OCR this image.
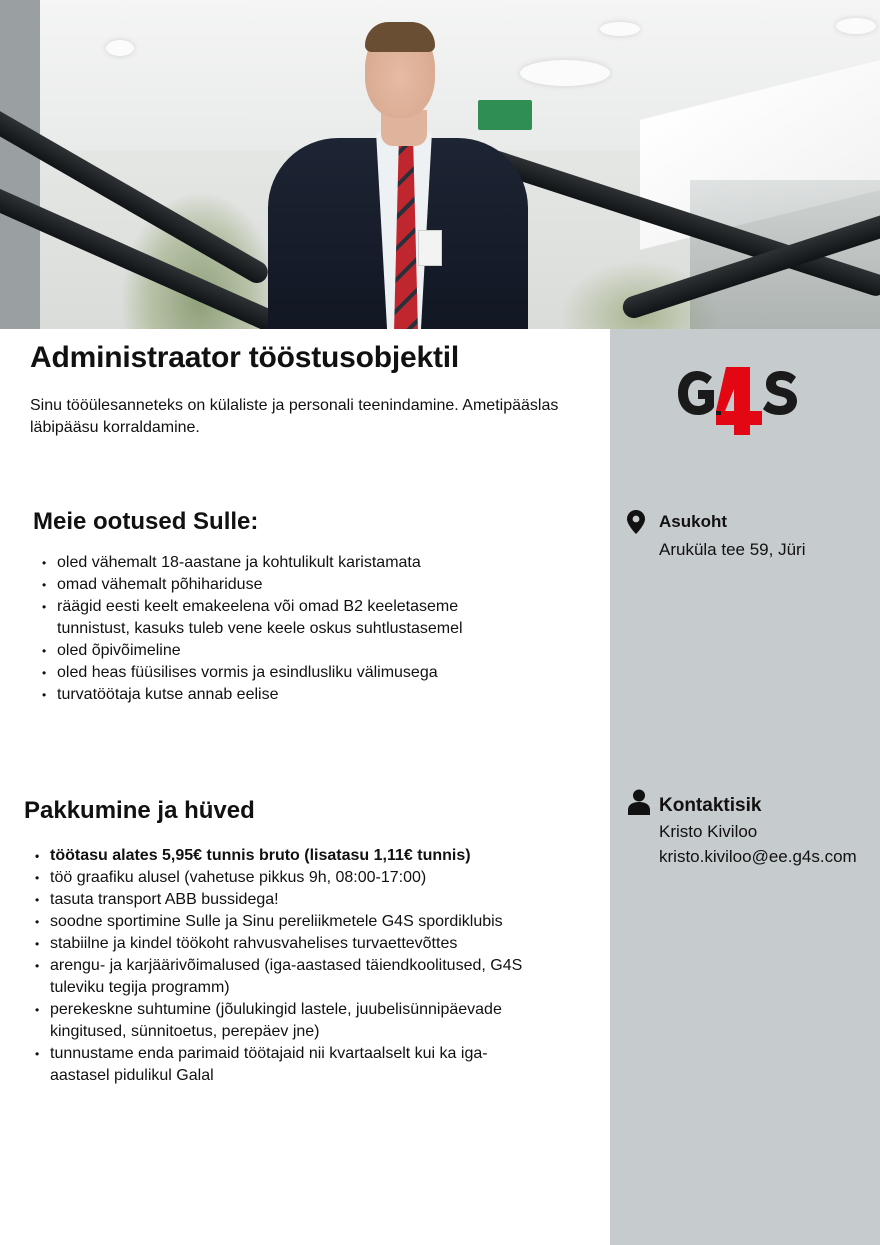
Administraator tööstusobjektil

Sinu tööülesanneteks on külaliste ja personali teenindamine. Ametipääslas läbipääsu korraldamine.

Meie ootused Sulle:
• oled vähemalt 18-aastane ja kohtulikult karistamata
• omad vähemalt põhihariduse
• räägid eesti keelt emakeelena või omad B2 keeletaseme tunnistust, kasuks tuleb vene keele oskus suhtlustasemel
• oled õpivõimeline
• oled heas füüsilises vormis ja esindlusliku välimusega
• turvatöötaja kutse annab eelise
Pakkumine ja hüved
• töötasu alates 5,95€ tunnis bruto (lisatasu 1,11€ tunnis)
• töö graafiku alusel (vahetuse pikkus 9h, 08:00-17:00)
• tasuta transport ABB bussidega!
• soodne sportimine Sulle ja Sinu pereliikmetele G4S spordiklubis
• stabiilne ja kindel töökoht rahvusvahelises turvaettevõttes
• arengu- ja karjäärivõimalused (iga-aastased täiendkoolitused, G4S tuleviku tegija programm)
• perekeskne suhtumine (jõulukingid lastele, juubelisünnipäevade kingitused, sünnitoetus, perepäev jne)
• tunnustame enda parimaid töötajaid nii kvartaalselt kui ka iga-aastasel pidulikul Galal

Asukoht

Aruküla tee 59, Jüri

Kontaktisik

Kristo Kiviloo

kristo.kiviloo@ee.g4s.com
